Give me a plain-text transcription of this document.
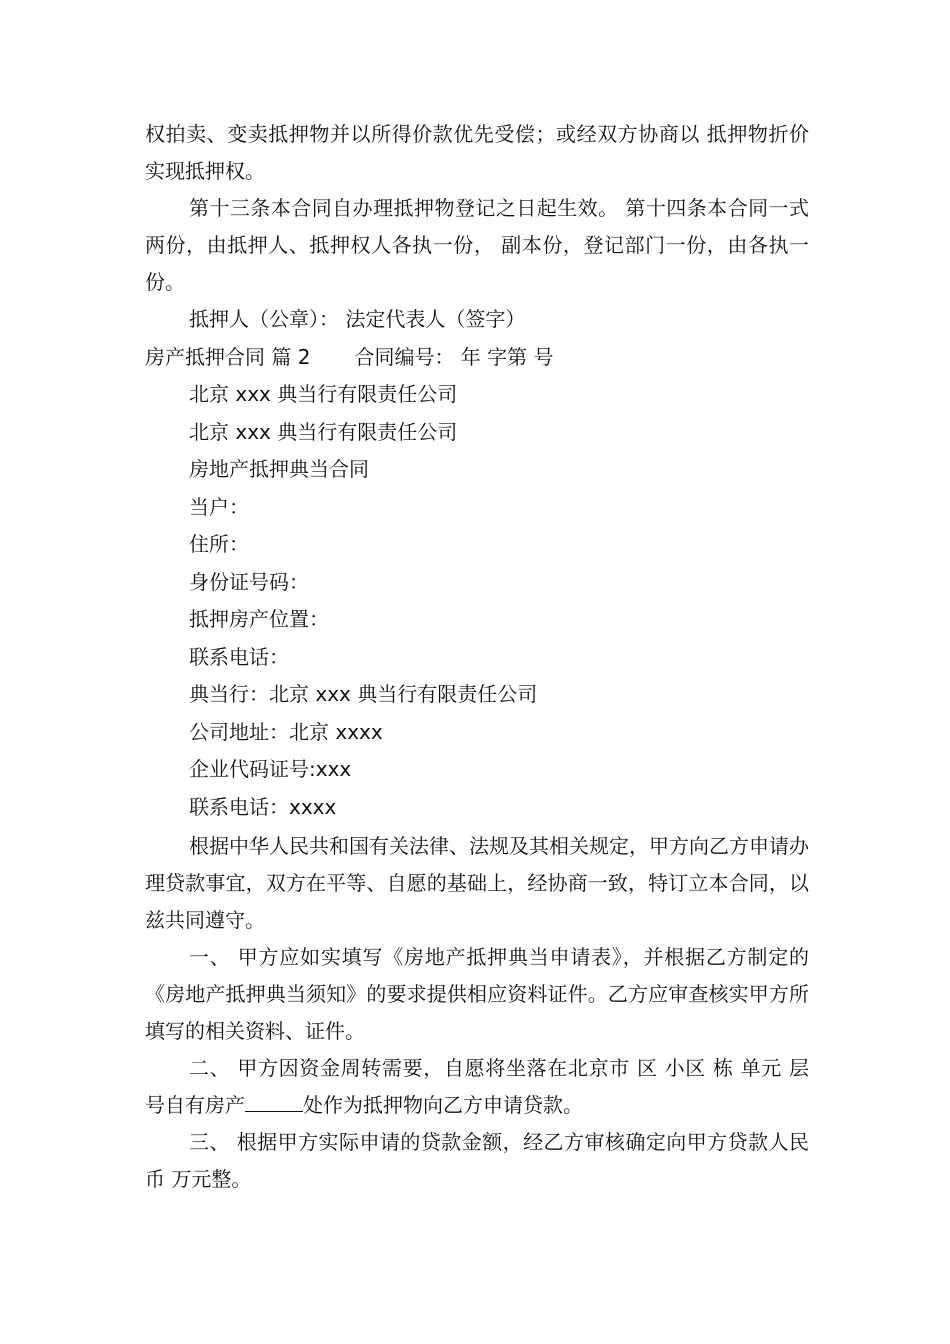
权拍卖、变卖抵押物并以所得价款优先受偿；或经双方协商以 抵押物折价实现抵押权。

第十三条本合同自办理抵押物登记之日起生效。 第十四条本合同一式两份，由抵押人、抵押权人各执一份， 副本份，登记部门一份，由各执一份。

抵押人（公章）： 法定代表人（签字）

房产抵押合同 篇 2 合同编号： 年 字第 号

北京 xxx 典当行有限责任公司

北京 xxx 典当行有限责任公司

房地产抵押典当合同

当户：

住所：

身份证号码：

抵押房产位置：

联系电话：

典当行：北京 xxx 典当行有限责任公司

公司地址：北京 xxxx

企业代码证号:xxx

联系电话：xxxx

根据中华人民共和国有关法律、法规及其相关规定，甲方向乙方申请办理贷款事宜，双方在平等、自愿的基础上，经协商一致，特订立本合同，以兹共同遵守。

一、 甲方应如实填写《房地产抵押典当申请表》，并根据乙方制定的《房地产抵押典当须知》的要求提供相应资料证件。乙方应审查核实甲方所填写的相关资料、证件。

二、 甲方因资金周转需要，自愿将坐落在北京市 区 小区 栋 单元 层 号自有房产	处作为抵押物向乙方申请贷款。

三、 根据甲方实际申请的贷款金额，经乙方审核确定向甲方贷款人民币 万元整。
